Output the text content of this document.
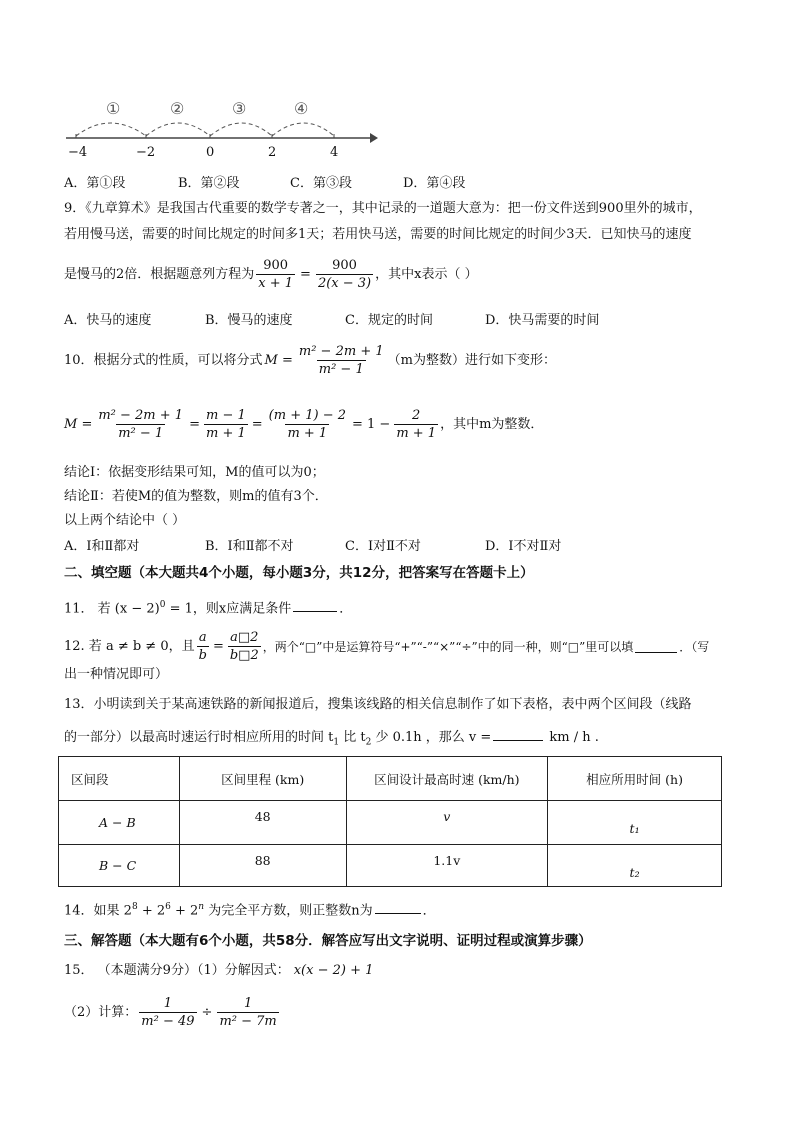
①	②	③	④
−4	−2	0	2	4
A．第①段	B．第②段	C．第③段	D．第④段
9．《九章算术》是我国古代重要的数学专著之一，其中记录的一道题大意为：把一份文件送到900里外的城市，
若用慢马送，需要的时间比规定的时间多1天；若用快马送，需要的时间比规定的时间少3天．已知快马的速度
是慢马的2倍．根据题意列方程为 $\frac{900}{x + 1} = \frac{900}{2(x - 3)}$ ，其中x表示（ ）
A．快马的速度	B．慢马的速度	C．规定的时间	D．快马需要的时间
10．根据分式的性质，可以将分式 $M = \frac{\text{m² − 2m + 1}}{\text{m² − 1}} (m$为整数）进行如下变形：
$M = \frac{\text{m² − 2m + 1}}{\text{m² − 1}} = \frac{m - 1}{m + 1} = \frac{(m + 1) - 2}{m + 1} = 1 - \frac{2}{m + 1}$ ，其中m为整数．
结论Ⅰ：依据变形结果可知，M的值可以为0；
结论Ⅱ：若使M的值为整数，则m的值有3个．
以上两个结论中（ ）
A．Ⅰ和Ⅱ都对	B．Ⅰ和Ⅱ都不对	C．Ⅰ对Ⅱ不对	D．Ⅰ不对Ⅱ对
二、填空题（本大题共4个小题，每小题3分，共12分，把答案写在答题卡上）
11． 若 $(x - 2)^0 = 1$，则x应满足条件	．
12. 若 a ≠ b ≠ 0，且 $\frac{a}{b} = \frac{a□2}{b□2}$ ，两个“□”中是运算符号“+”“-”“×”“÷”中的同一种，则“□”里可以填	．（写
出一种情况即可）
13．小明读到关于某高速铁路的新闻报道后，搜集该线路的相关信息制作了如下表格，表中两个区间段（线路
的一部分）以最高时速运行时相应所用的时间 $t_1$ 比 $t_2$ 少 0.1h ，那么 v =	km / h .
区间段	区间里程 (km)	区间设计最高时速 (km/h)	相应所用时间 (h)
A − B	48	v	t₁
B − C	88	1.1v	t₂
14．如果 $2^8 + 2^6 + 2^n$ 为完全平方数，则正整数n为	．
三、解答题（本大题有6个小题，共58分．解答应写出文字说明、证明过程或演算步骤）
15． （本题满分9分）（1）分解因式： x(x − 2) + 1
（2）计算： $\frac{1}{\text{m² − 49}} \div \frac{1}{\text{m² − 7m}}$
